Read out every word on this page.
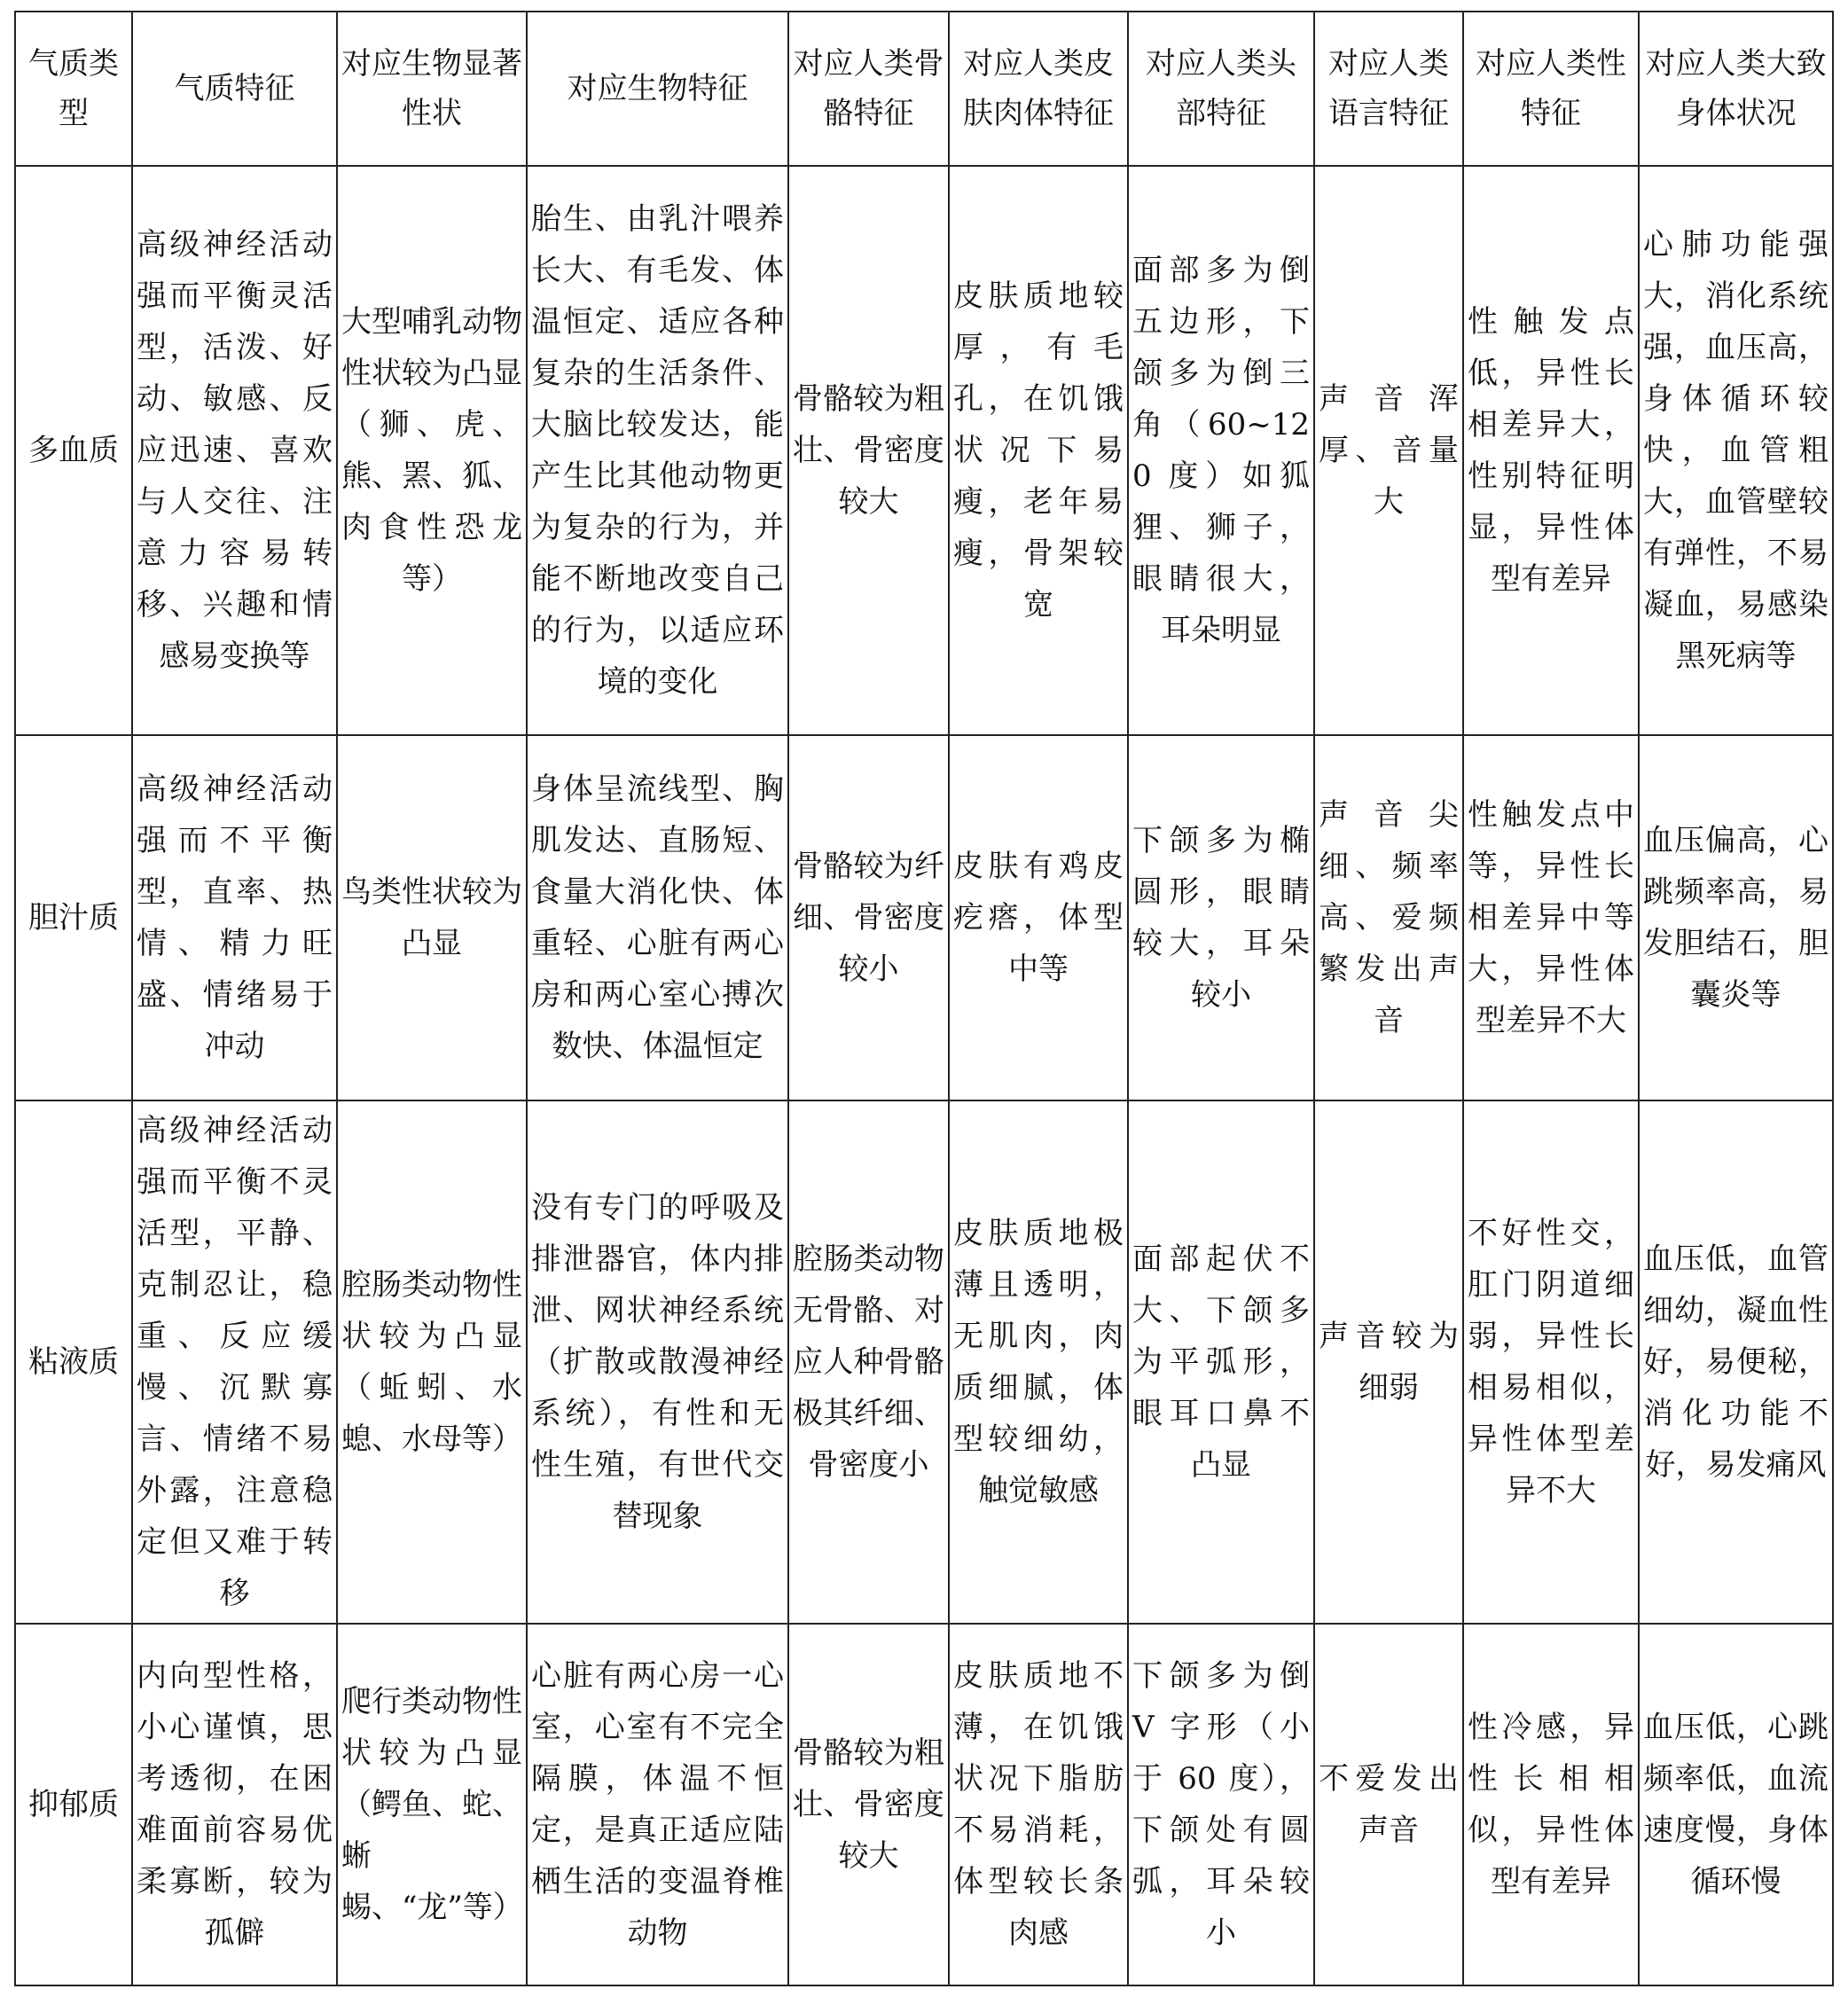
气质类型	气质特征	对应生物显著性状	对应生物特征	对应人类骨骼特征	对应人类皮肤肉体特征	对应人类头部特征	对应人类语言特征	对应人类性特征	对应人类大致身体状况
多血质	高级神经活动强而平衡灵活型，活泼、好动、敏感、反应迅速、喜欢与人交往、注意力容易转移、兴趣和情感易变换等	大型哺乳动物性状较为凸显（狮、虎、熊、罴、狐、肉食性恐龙等）	胎生、由乳汁喂养长大、有毛发、体温恒定、适应各种复杂的生活条件、大脑比较发达，能产生比其他动物更为复杂的行为，并能不断地改变自己的行为，以适应环境的变化	骨骼较为粗壮、骨密度较大	皮肤质地较厚，有毛孔，在饥饿状况下易瘦，老年易瘦，骨架较宽	面部多为倒五边形，下颌多为倒三角（60~120 度）如狐狸、狮子，眼睛很大，耳朵明显	声音浑厚、音量大	性触发点低，异性长相差异大，性别特征明显，异性体型有差异	心肺功能强大，消化系统强，血压高，身体循环较快，血管粗大，血管壁较有弹性，不易凝血，易感染黑死病等
胆汁质	高级神经活动强而不平衡型，直率、热情、精力旺盛、情绪易于冲动	鸟类性状较为凸显	身体呈流线型、胸肌发达、直肠短、食量大消化快、体重轻、心脏有两心房和两心室心搏次数快、体温恒定	骨骼较为纤细、骨密度较小	皮肤有鸡皮疙瘩，体型中等	下颌多为椭圆形，眼睛较大，耳朵较小	声音尖细、频率高、爱频繁发出声音	性触发点中等，异性长相差异中等大，异性体型差异不大	血压偏高，心跳频率高，易发胆结石，胆囊炎等
粘液质	高级神经活动强而平衡不灵活型，平静、克制忍让，稳重、反应缓慢、沉默寡言、情绪不易外露，注意稳定但又难于转移	腔肠类动物性状较为凸显（蚯蚓、水螅、水母等）	没有专门的呼吸及排泄器官，体内排泄、网状神经系统（扩散或散漫神经系统），有性和无性生殖，有世代交替现象	腔肠类动物无骨骼、对应人种骨骼极其纤细、骨密度小	皮肤质地极薄且透明，无肌肉，肉质细腻，体型较细幼，触觉敏感	面部起伏不大、下颌多为平弧形，眼耳口鼻不凸显	声音较为细弱	不好性交，肛门阴道细弱，异性长相易相似，异性体型差异不大	血压低，血管细幼，凝血性好，易便秘，消化功能不好，易发痛风
抑郁质	内向型性格，小心谨慎，思考透彻，在困难面前容易优柔寡断，较为孤僻	爬行类动物性状较为凸显（鳄鱼、蛇、蜥蜴、“龙”等）	心脏有两心房一心室，心室有不完全隔膜，体温不恒定，是真正适应陆栖生活的变温脊椎动物	骨骼较为粗壮、骨密度较大	皮肤质地不薄，在饥饿状况下脂肪不易消耗，体型较长条肉感	下颌多为倒 V 字形（小于 60 度），下颌处有圆弧，耳朵较小	不爱发出声音	性冷感，异性长相相似，异性体型有差异	血压低，心跳频率低，血流速度慢，身体循环慢
